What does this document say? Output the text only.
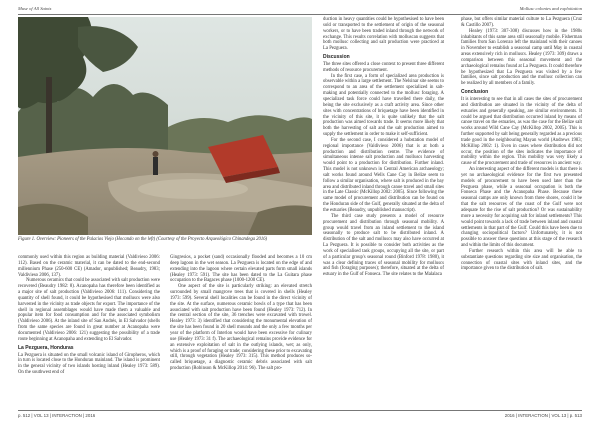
Muse of All Saints	Mollusc colonies and exploitation
Figure 1. Overview: Pioneers of the Palacios Viejo (Hocando on the left) (Courtesy of the Proyecto Arqueológico Chinandega 2016)

commonly used within this region as building material (Valdivieso 2006: 112). Based on the ceramic material, it can be dated to the end-second millennium Phase (250-600 CE) (Amador, unpublished; Beaudry, 1983; Valdivieso 2006, 137).

Numerous ceramics that could be associated with salt production were recovered (Beaudry 1982: 8). Acanopaha has therefore been identified as a major site of salt production (Valdivieso 2006: 111). Considering the quantity of shell found, it could be hypothesised that molluscs were also harvested in the vicinity as trade objects for export. The importance of the shell in regional assemblages would have made them a valuable and popular item for food consumption and for the associated symbolism (Valdivieso 2006). At the inland site of San Andrés, in El Salvador (shells from the same species are found in great number at Acanopaha were documented (Valdivieso 2006: 121) suggesting the possibility of a trade route beginning at Acanopaha and extending to El Salvador.

La Pezguera, Honduras

La Pezguera is situated on the small volcanic island of Giropheros, which in turn is located close to the Honduran mainland. The island is prominent in the general vicinity of two islands hosting inland (Healey 1973: 589). On the southwest end of

Gingresios, a pocket (sand) occasionally flooded and becomes a 10 cm deep lagoon in the wet season. La Pezguera is located on the edge of and extending into the lagoon where certain elevated parts form small islands (Healey 1973: 591). The site has been dated to the La Guitara phase occupation to the Bagaces phase (1000-1200 CE).

One aspect of the site is particularly striking: an elevated stretch surrounded by small mangrove trees that is covered in shells (Healey 1973: 599). Several shell localities can be found in the direct vicinity of the site. At the surface, numerous ceramic bowls of a type that has been associated with salt production have been found (Healey 1973: 712). In the central section of the site, 36 trenches were excavated with trowel. Healey 1973: 3) identified that considering the monumental elevation of the site has been found in 20 shell mounds and the only a few months per year of the platform of Interlon would have been excessive for culinary use (Healey 1973: 31 f). The archaeological remains provide evidence for an extensive exploitation of salt in the outlying islands, wet; as only, which is a proof of foraging or trade; considering these prior to excavating still, through vegetation (Healey 1973: 315). This method produces so-called briquetage, a diagnostic ceramic debris associated with salt production (Robinson & McKillop 2014: 96). The salt pro-

duction in heavy quantities could be hypothesised to have been sold or transported to the settlement of origin of the seasonal workers, or to have been traded inland through the network of exchange. This results correlation with molluscan suggests that both mollusc collecting and salt production were practiced at La Pezguera.

Discussion

The three sites offered a close context to present three different methods of resource procurement.

In the first case, a form of specialized area production is observable within a large settlement. The Nelsinar site seems to correspond to an area of the settlement specialized in salt-making and potentially connected to the mollusc foraging. A specialized task force could have travelled there daily, the being the site exclusively as a craft activity area. Since other sites with concentrations of briquetage have been identified in the vicinity of this site, it is quite unlikely that the salt production was aimed towards trade. It seems more likely that both the harvesting of salt and the salt production aimed to supply the settlement in order to make it self-sufficient.

For the second case, I considered a hubstation model of regional importance (Valdivieso 2006) that is at both a production and distribution centre. The evidence of simultaneous intense salt production and molluscs harvesting would point to a production for distribution. Further inland. This model is not unknown in Central American archaeology; salt works found around Wells Cane Cay in Belize seem to follow a similar organisation, where salt is produced in the bay area and distributed inland through canoe travel and small sites in the Late Classic (McKillop 2002: 2005). Since following the same model of procurement and distribution can be found on the Honduran side of the Gulf, generally situated at the delta of the estuaries (Beaudry, unpublished manuscript).

The third case study presents a model of resource procurement and distribution through seasonal mobility. A group would travel from an inland settlement to the island seasonally to produce salt to be distributed inland. A distribution of the salt and molluscs may also have occurred at La Pezguera. It is possible to consider both activities as the work of specialised task groups, occupying all the site, or part of a particular group's seasonal round (Binford 1978: 1980), it was a clear defining traces of seasonal mobility for molluscs and fish (foraging purposes); therefore, situated at the delta of estuary in the Gulf of Fonseca. The site relates to the Malalaca

phase, but offers similar material culture to La Pezguera (Cruz & Castillo 2007).

Healey (1973: 307-308) discusses how in the 1980s inhabitants of this same area still seasonally mobile. Fisherman families from San Lorenzo left the mainland with their canoes in November to establish a seasonal camp until May in coastal areas extensively rich in molluscs. Healey (1973: 309) draws a comparison between this seasonal movement and the archaeological remains found at La Pezguera. It could therefore be hypothesized that La Pezguera was visited by a few families, since salt production and the mollusc collection can be realized by all members of a family.

Conclusion

It is interesting to see that in all cases the sites of procurement and distribution are situated in the vicinity of the delta of estuaries and generally speaking, are similar environments. It could be argued that distribution occurred inland by means of canoe travel on the estuaries, as was the case for the Belize salt works around Wild Cane Cay (McKillop 2002, 2005). This is further supported by salt being generally regarded as a precious trade good in the neighbouring Mayan world (Andrews 1983; McKillop 2002: 1). Even in cases where distribution did not occur, the position of the sites indicates the importance of mobility within the region. This mobility was very likely a cause of the procurement and trade of resources in ancient way.

An interesting aspect of the different models is that there is yet no archaeological evidence for the first two presented models of procurement to have been used later than the Pezguera phase, while a seasonal occupation is both the Fonseca Phase and the Acanopaha Phase. Because these seasonal camps are only known from three shores, could it be that the salt resources of the coast of the Gulf were not adequate for the rise of salt production? Or was sustainability more a necessity for acquiring salt for inland settlements? This would point towards a lack of trade between inland and coastal settlements in that part of the Gulf. Could this have been due to changing sociopolitical factors? Unfortunately, it is not possible to answer these questions at this stage of the research and within the limits of this document.

Further research within this area will be able to substantiate questions regarding site size and organisation, the connection of coastal sites with inland sites, and the importance given to the distribution of salt.

p. 512 | VOL 13 | INTERACTION | 2016	2016 | INTERACTION | VOL 13 | p. 513
